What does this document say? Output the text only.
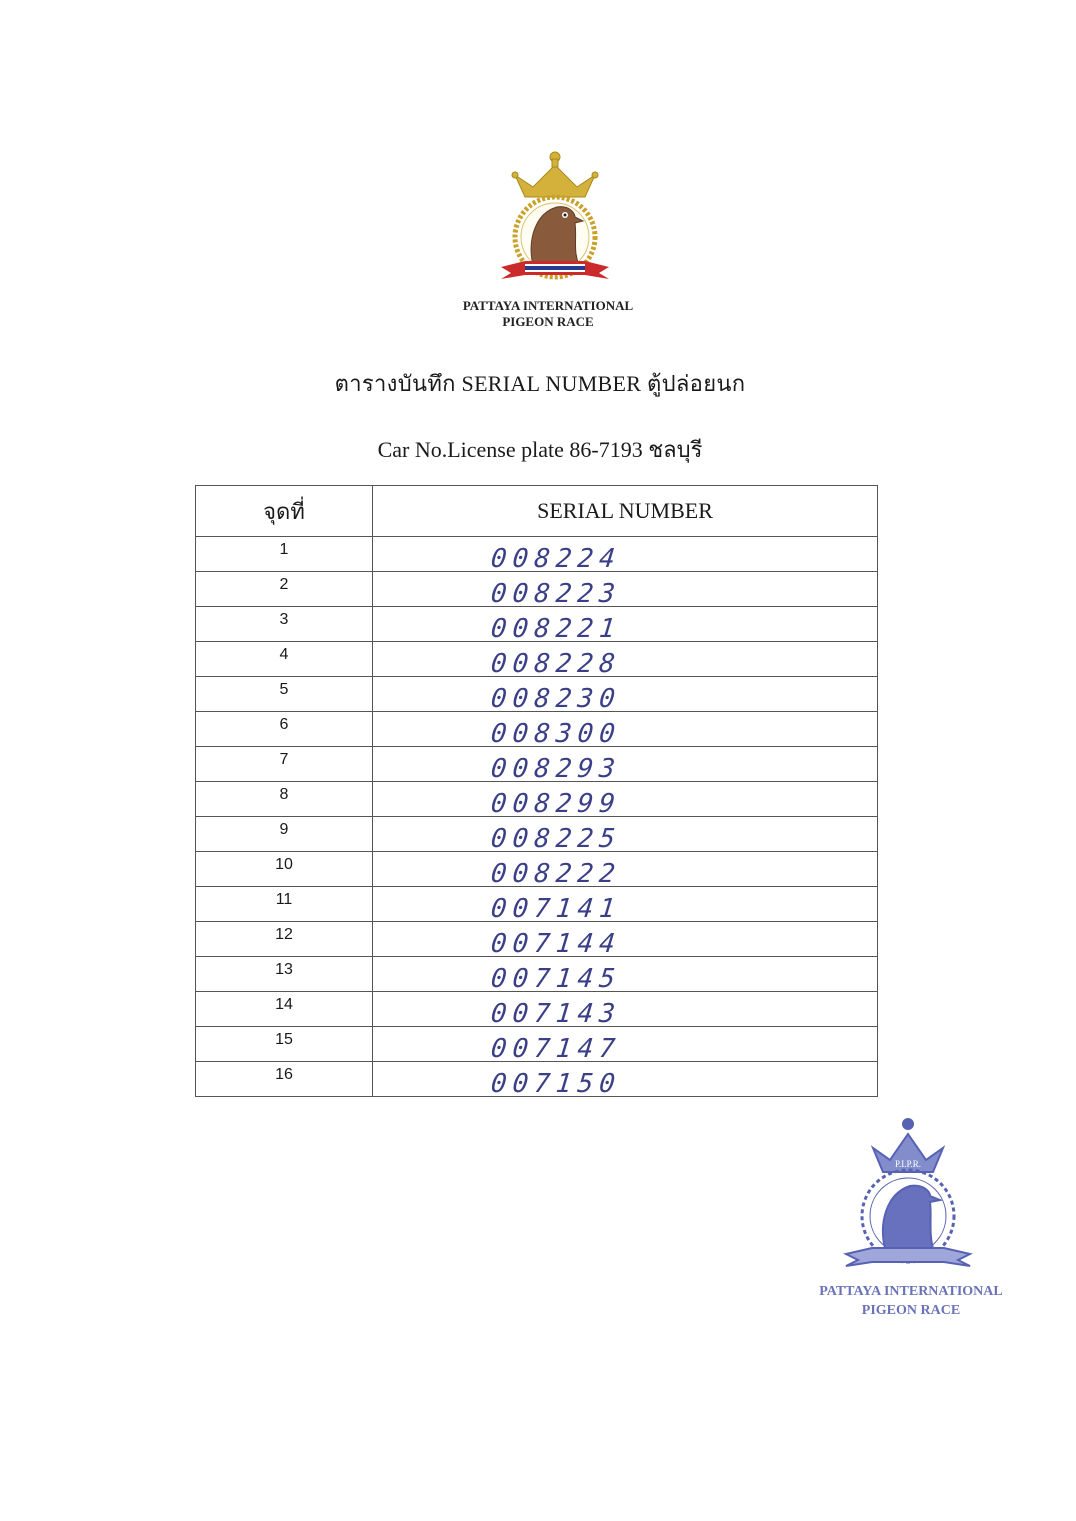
PATTAYA INTERNATIONAL
PIGEON RACE
ตารางบันทึก SERIAL NUMBER ตู้ปล่อยนก
Car No.License plate 86-7193 ชลบุรี
จุดที่	SERIAL NUMBER
1	008224
2	008223
3	008221
4	008228
5	008230
6	008300
7	008293
8	008299
9	008225
10	008222
11	007141
12	007144
13	007145
14	007143
15	007147
16	007150
P.I.P.R.
PATTAYA INTERNATIONAL
PIGEON RACE
